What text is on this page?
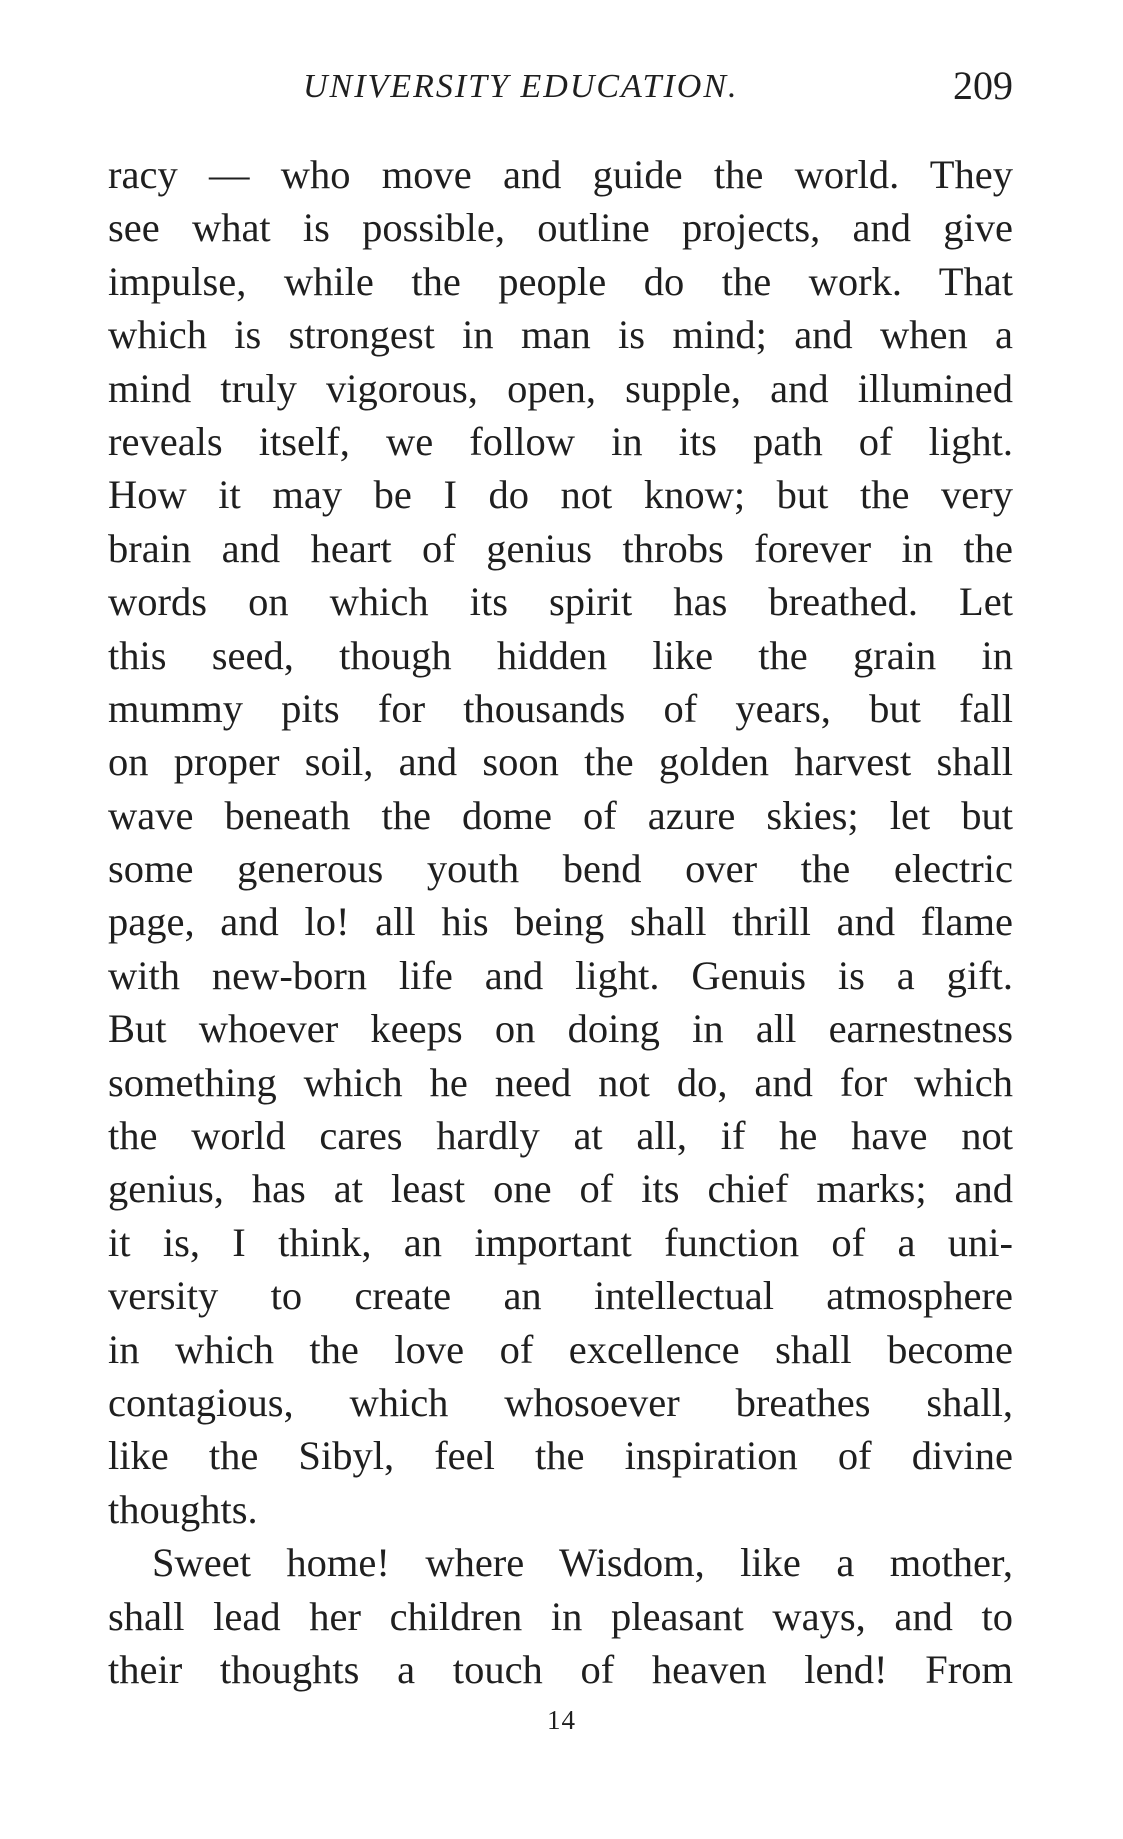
UNIVERSITY EDUCATION.	209
racy — who move and guide the world. They
see what is possible, outline projects, and give
impulse, while the people do the work. That
which is strongest in man is mind; and when a
mind truly vigorous, open, supple, and illumined
reveals itself, we follow in its path of light.
How it may be I do not know; but the very
brain and heart of genius throbs forever in the
words on which its spirit has breathed. Let
this seed, though hidden like the grain in
mummy pits for thousands of years, but fall
on proper soil, and soon the golden harvest shall
wave beneath the dome of azure skies; let but
some generous youth bend over the electric
page, and lo! all his being shall thrill and flame
with new-born life and light. Genuis is a gift.
But whoever keeps on doing in all earnestness
something which he need not do, and for which
the world cares hardly at all, if he have not
genius, has at least one of its chief marks; and
it is, I think, an important function of a uni-
versity to create an intellectual atmosphere
in which the love of excellence shall become
contagious, which whosoever breathes shall,
like the Sibyl, feel the inspiration of divine
thoughts.
Sweet home! where Wisdom, like a mother,
shall lead her children in pleasant ways, and to
their thoughts a touch of heaven lend! From
14
